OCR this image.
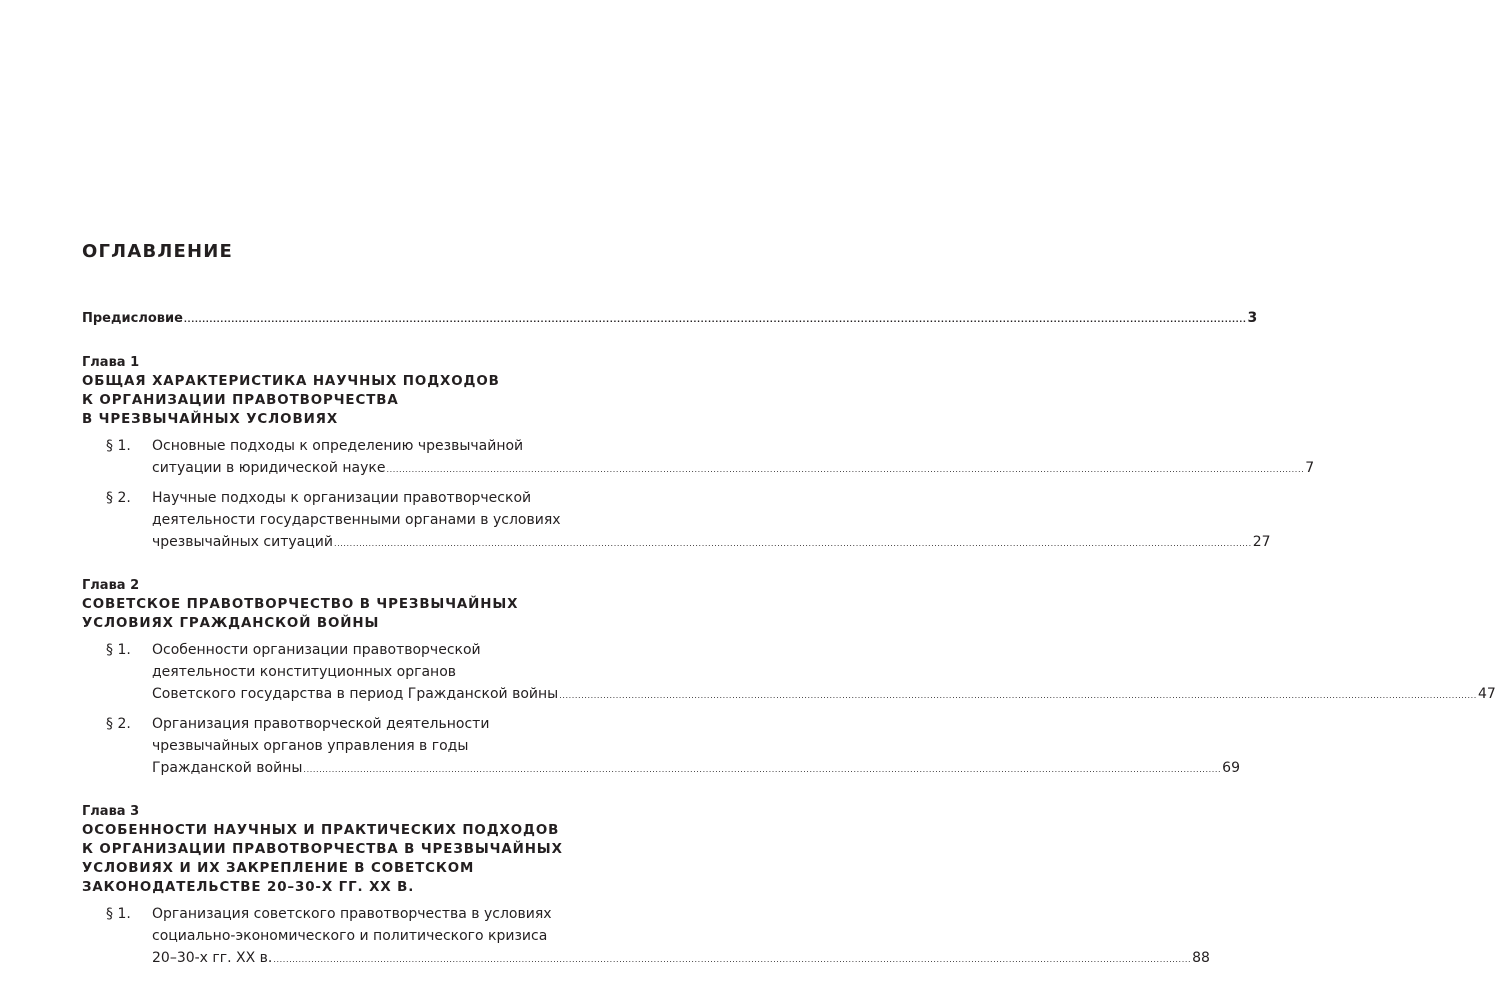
ОГЛАВЛЕНИЕ
Предисловие .....	3
Глава 1
ОБЩАЯ ХАРАКТЕРИСТИКА НАУЧНЫХ ПОДХОДОВ
К ОРГАНИЗАЦИИ ПРАВОТВОРЧЕСТВА
В ЧРЕЗВЫЧАЙНЫХ УСЛОВИЯХ
§ 1.	Основные подходы к определению чрезвычайной
ситуации в юридической науке .....	7
§ 2.	Научные подходы к организации правотворческой
деятельности государственными органами в условиях
чрезвычайных ситуаций .....	27
Глава 2
СОВЕТСКОЕ ПРАВОТВОРЧЕСТВО В ЧРЕЗВЫЧАЙНЫХ
УСЛОВИЯХ ГРАЖДАНСКОЙ ВОЙНЫ
§ 1.	Особенности организации правотворческой
деятельности конституционных органов
Советского государства в период Гражданской войны .....	47
§ 2.	Организация правотворческой деятельности
чрезвычайных органов управления в годы
Гражданской войны .....	69
Глава 3
ОСОБЕННОСТИ НАУЧНЫХ И ПРАКТИЧЕСКИХ ПОДХОДОВ
К ОРГАНИЗАЦИИ ПРАВОТВОРЧЕСТВА В ЧРЕЗВЫЧАЙНЫХ
УСЛОВИЯХ И ИХ ЗАКРЕПЛЕНИЕ В СОВЕТСКОМ
ЗАКОНОДАТЕЛЬСТВЕ 20–30-Х ГГ. XX В.
§ 1.	Организация советского правотворчества в условиях
социально-экономического и политического кризиса
20–30-х гг. XX в. .....	88
